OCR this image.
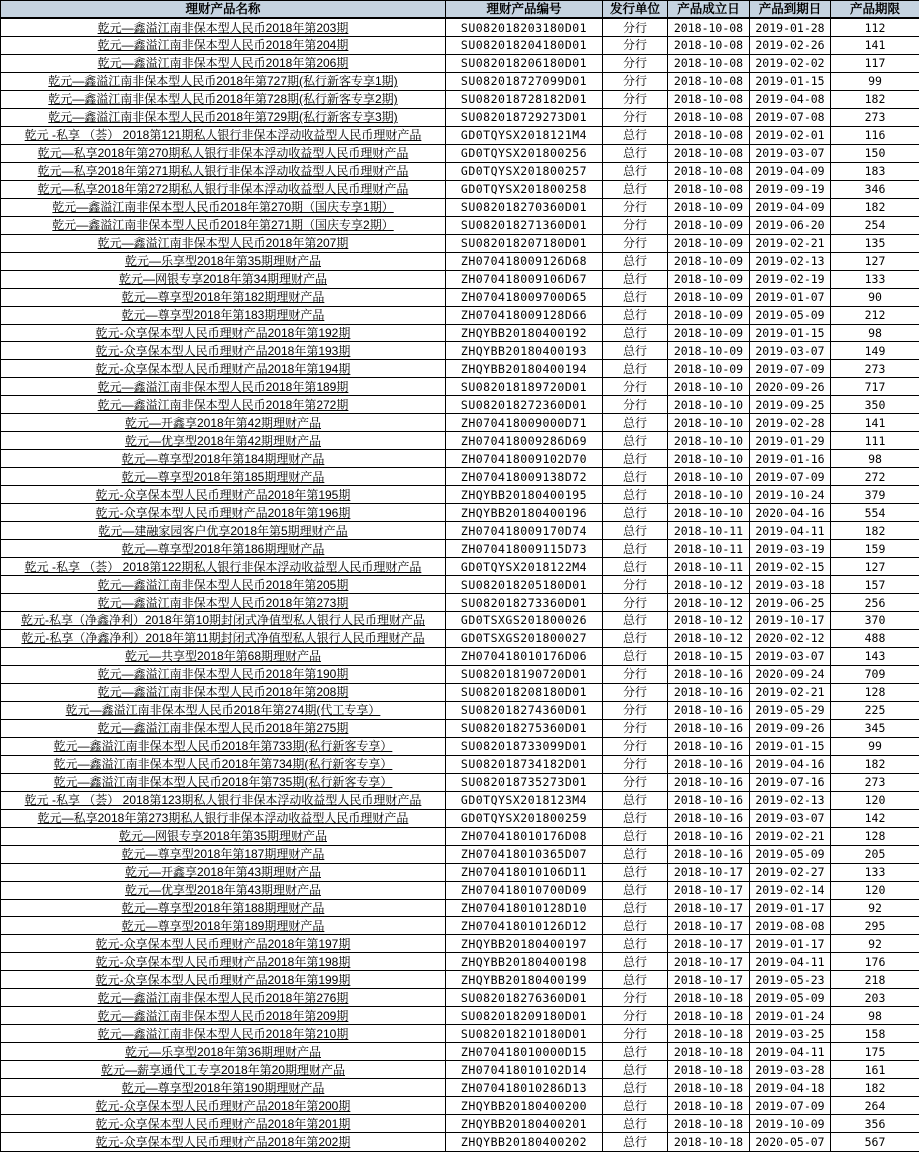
理财产品名称	理财产品编号	发行单位	产品成立日	产品到期日	产品期限
乾元—鑫溢江南非保本型人民币2018年第203期	SU082018203180D01	分行	2018-10-08	2019-01-28	112
乾元—鑫溢江南非保本型人民币2018年第204期	SU082018204180D01	分行	2018-10-08	2019-02-26	141
乾元—鑫溢江南非保本型人民币2018年第206期	SU082018206180D01	分行	2018-10-08	2019-02-02	117
乾元—鑫溢江南非保本型人民币2018年第727期(私行新客专享1期)	SU082018727099D01	分行	2018-10-08	2019-01-15	99
乾元—鑫溢江南非保本型人民币2018年第728期(私行新客专享2期)	SU082018728182D01	分行	2018-10-08	2019-04-08	182
乾元—鑫溢江南非保本型人民币2018年第729期(私行新客专享3期)	SU082018729273D01	分行	2018-10-08	2019-07-08	273
乾元 -私享 （荟） 2018第121期私人银行非保本浮动收益型人民币理财产品	GD0TQYSX2018121M4	总行	2018-10-08	2019-02-01	116
乾元—私享2018年第270期私人银行非保本浮动收益型人民币理财产品	GD0TQYSX201800256	总行	2018-10-08	2019-03-07	150
乾元—私享2018年第271期私人银行非保本浮动收益型人民币理财产品	GD0TQYSX201800257	总行	2018-10-08	2019-04-09	183
乾元—私享2018年第272期私人银行非保本浮动收益型人民币理财产品	GD0TQYSX201800258	总行	2018-10-08	2019-09-19	346
乾元—鑫溢江南非保本型人民币2018年第270期（国庆专享1期）	SU082018270360D01	分行	2018-10-09	2019-04-09	182
乾元—鑫溢江南非保本型人民币2018年第271期（国庆专享2期）	SU082018271360D01	分行	2018-10-09	2019-06-20	254
乾元—鑫溢江南非保本型人民币2018年第207期	SU082018207180D01	分行	2018-10-09	2019-02-21	135
乾元—乐享型2018年第35期理财产品	ZH070418009126D68	总行	2018-10-09	2019-02-13	127
乾元—网银专享2018年第34期理财产品	ZH070418009106D67	总行	2018-10-09	2019-02-19	133
乾元—尊享型2018年第182期理财产品	ZH070418009700D65	总行	2018-10-09	2019-01-07	90
乾元—尊享型2018年第183期理财产品	ZH070418009128D66	总行	2018-10-09	2019-05-09	212
乾元-众享保本型人民币理财产品2018年第192期	ZHQYBB20180400192	总行	2018-10-09	2019-01-15	98
乾元-众享保本型人民币理财产品2018年第193期	ZHQYBB20180400193	总行	2018-10-09	2019-03-07	149
乾元-众享保本型人民币理财产品2018年第194期	ZHQYBB20180400194	总行	2018-10-09	2019-07-09	273
乾元—鑫溢江南非保本型人民币2018年第189期	SU082018189720D01	分行	2018-10-10	2020-09-26	717
乾元—鑫溢江南非保本型人民币2018年第272期	SU082018272360D01	分行	2018-10-10	2019-09-25	350
乾元—开鑫享2018年第42期理财产品	ZH070418009000D71	总行	2018-10-10	2019-02-28	141
乾元—优享型2018年第42期理财产品	ZH070418009286D69	总行	2018-10-10	2019-01-29	111
乾元—尊享型2018年第184期理财产品	ZH070418009102D70	总行	2018-10-10	2019-01-16	98
乾元—尊享型2018年第185期理财产品	ZH070418009138D72	总行	2018-10-10	2019-07-09	272
乾元-众享保本型人民币理财产品2018年第195期	ZHQYBB20180400195	总行	2018-10-10	2019-10-24	379
乾元-众享保本型人民币理财产品2018年第196期	ZHQYBB20180400196	总行	2018-10-10	2020-04-16	554
乾元—建融家园客户优享2018年第5期理财产品	ZH070418009170D74	总行	2018-10-11	2019-04-11	182
乾元—尊享型2018年第186期理财产品	ZH070418009115D73	总行	2018-10-11	2019-03-19	159
乾元 -私享 （荟） 2018第122期私人银行非保本浮动收益型人民币理财产品	GD0TQYSX2018122M4	总行	2018-10-11	2019-02-15	127
乾元—鑫溢江南非保本型人民币2018年第205期	SU082018205180D01	分行	2018-10-12	2019-03-18	157
乾元—鑫溢江南非保本型人民币2018年第273期	SU082018273360D01	分行	2018-10-12	2019-06-25	256
乾元-私享（净鑫净利）2018年第10期封闭式净值型私人银行人民币理财产品	GD0TSXGS201800026	总行	2018-10-12	2019-10-17	370
乾元-私享（净鑫净利）2018年第11期封闭式净值型私人银行人民币理财产品	GD0TSXGS201800027	总行	2018-10-12	2020-02-12	488
乾元—共享型2018年第68期理财产品	ZH070418010176D06	总行	2018-10-15	2019-03-07	143
乾元—鑫溢江南非保本型人民币2018年第190期	SU082018190720D01	分行	2018-10-16	2020-09-24	709
乾元—鑫溢江南非保本型人民币2018年第208期	SU082018208180D01	分行	2018-10-16	2019-02-21	128
乾元—鑫溢江南非保本型人民币2018年第274期(代工专享）	SU082018274360D01	分行	2018-10-16	2019-05-29	225
乾元—鑫溢江南非保本型人民币2018年第275期	SU082018275360D01	分行	2018-10-16	2019-09-26	345
乾元—鑫溢江南非保本型人民币2018年第733期(私行新客专享）	SU082018733099D01	分行	2018-10-16	2019-01-15	99
乾元—鑫溢江南非保本型人民币2018年第734期(私行新客专享）	SU082018734182D01	分行	2018-10-16	2019-04-16	182
乾元—鑫溢江南非保本型人民币2018年第735期(私行新客专享）	SU082018735273D01	分行	2018-10-16	2019-07-16	273
乾元 -私享 （荟） 2018第123期私人银行非保本浮动收益型人民币理财产品	GD0TQYSX2018123M4	总行	2018-10-16	2019-02-13	120
乾元—私享2018年第273期私人银行非保本浮动收益型人民币理财产品	GD0TQYSX201800259	总行	2018-10-16	2019-03-07	142
乾元—网银专享2018年第35期理财产品	ZH070418010176D08	总行	2018-10-16	2019-02-21	128
乾元—尊享型2018年第187期理财产品	ZH070418010365D07	总行	2018-10-16	2019-05-09	205
乾元—开鑫享2018年第43期理财产品	ZH070418010106D11	总行	2018-10-17	2019-02-27	133
乾元—优享型2018年第43期理财产品	ZH070418010700D09	总行	2018-10-17	2019-02-14	120
乾元—尊享型2018年第188期理财产品	ZH070418010128D10	总行	2018-10-17	2019-01-17	92
乾元—尊享型2018年第189期理财产品	ZH070418010126D12	总行	2018-10-17	2019-08-08	295
乾元-众享保本型人民币理财产品2018年第197期	ZHQYBB20180400197	总行	2018-10-17	2019-01-17	92
乾元-众享保本型人民币理财产品2018年第198期	ZHQYBB20180400198	总行	2018-10-17	2019-04-11	176
乾元-众享保本型人民币理财产品2018年第199期	ZHQYBB20180400199	总行	2018-10-17	2019-05-23	218
乾元—鑫溢江南非保本型人民币2018年第276期	SU082018276360D01	分行	2018-10-18	2019-05-09	203
乾元—鑫溢江南非保本型人民币2018年第209期	SU082018209180D01	分行	2018-10-18	2019-01-24	98
乾元—鑫溢江南非保本型人民币2018年第210期	SU082018210180D01	分行	2018-10-18	2019-03-25	158
乾元—乐享型2018年第36期理财产品	ZH070418010000D15	总行	2018-10-18	2019-04-11	175
乾元—薪享通代工专享2018年第20期理财产品	ZH070418010102D14	总行	2018-10-18	2019-03-28	161
乾元—尊享型2018年第190期理财产品	ZH070418010286D13	总行	2018-10-18	2019-04-18	182
乾元-众享保本型人民币理财产品2018年第200期	ZHQYBB20180400200	总行	2018-10-18	2019-07-09	264
乾元-众享保本型人民币理财产品2018年第201期	ZHQYBB20180400201	总行	2018-10-18	2019-10-09	356
乾元-众享保本型人民币理财产品2018年第202期	ZHQYBB20180400202	总行	2018-10-18	2020-05-07	567
